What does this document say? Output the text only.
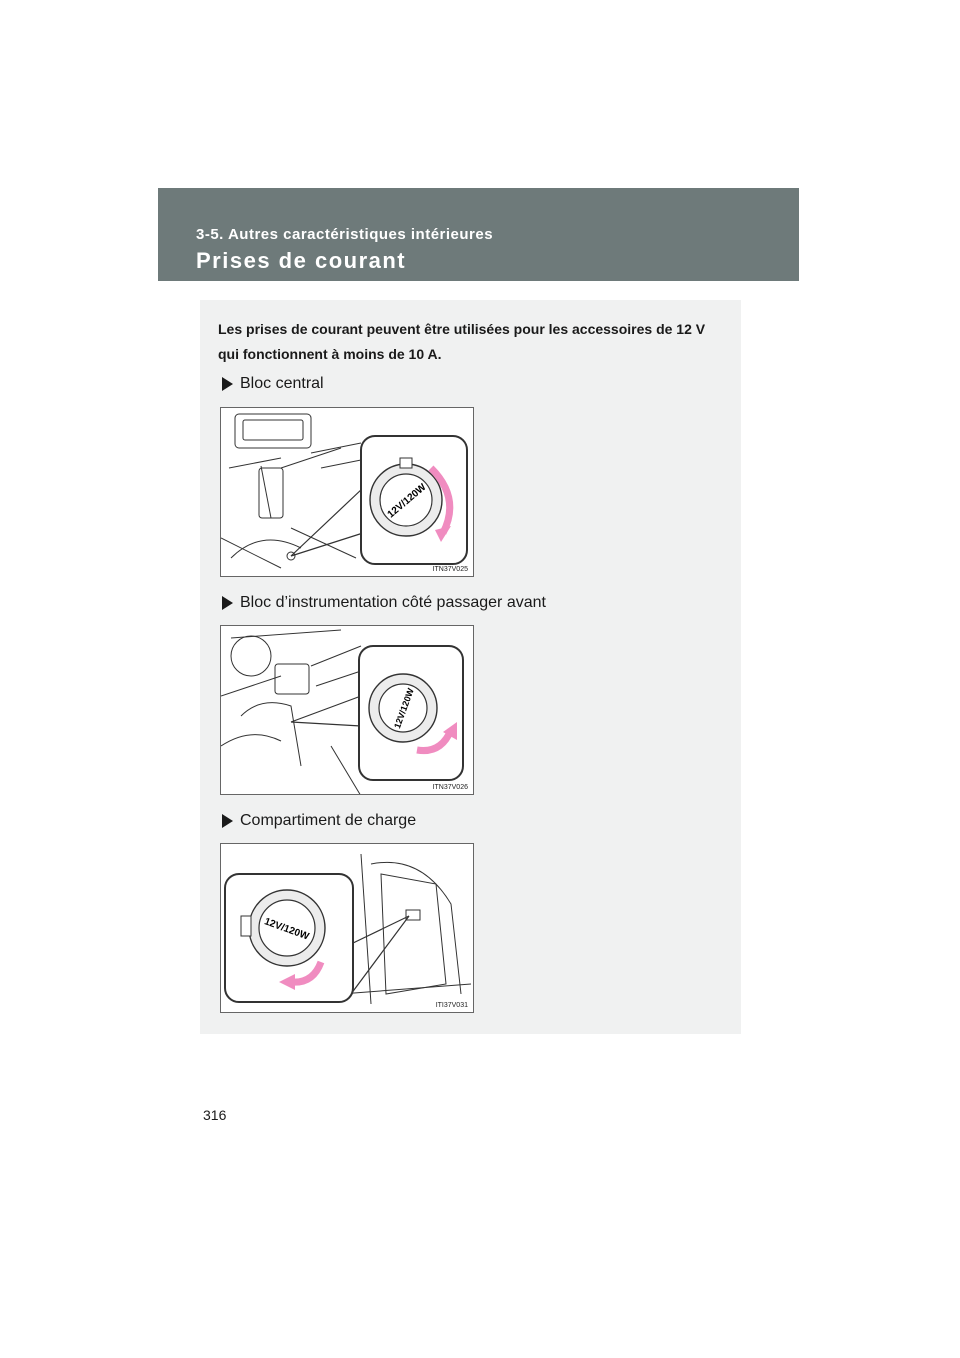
3-5. Autres caractéristiques intérieures
Prises de courant
Les prises de courant peuvent être utilisées pour les accessoires de 12 V qui fonctionnent à moins de 10 A.
Bloc central
12V/120W
ITN37V025
Bloc d’instrumentation côté passager avant
12V/120W
ITN37V026
Compartiment de charge
12V/120W
ITI37V031
316
